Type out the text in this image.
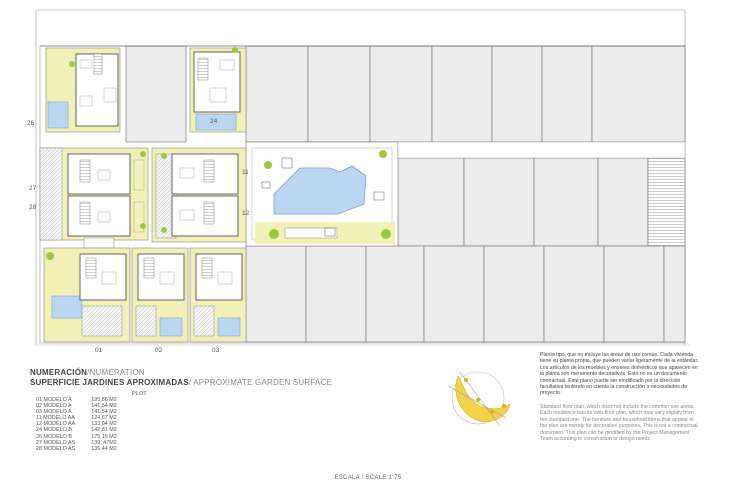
26
27
28
11
12
24
01	02	03
NUMERACIÓN/NUMERATION
SUPERFICIE JARDINES APROXIMADAS/ APPROXIMATE GARDEN SURFACE
PLOT
01 MODELO A	195,86 M2
02 MODELO A	141,54 M2
03 MODELO A	141,54 M2
11 MODELO AA	124,67 M2
12 MODELO AA	133,04 M2
24 MODELO B	142,81 M2
26 MODELO B	175,19 M2
27 MODELO AS	139, 47M2
28 MODELO AS	136,44 M2
Planta tipo, que no incluye las áreas de uso común. Cada vivienda tiene su planta propia, que pueden variar ligeramente de la estándar. Los artículos de los muebles y enseres domésticos que aparecen en la planta son meramente decorativos. Esto no es un documento contractual. Este plano puede ser modificado por la dirección facultativa teniendo en cuenta la construcción o necesidades de proyecto.
Standard floor plan, which does not include the common use areas. Each residence has its own floor plan, which may vary slightly from the standard one. The furniture and household items that appear in the plan are merely for decorative purposes. This is not a contractual document. This plan can be modified by the Project Management Team according to construction or design needs.
ESCALA / SCALE 1:75
